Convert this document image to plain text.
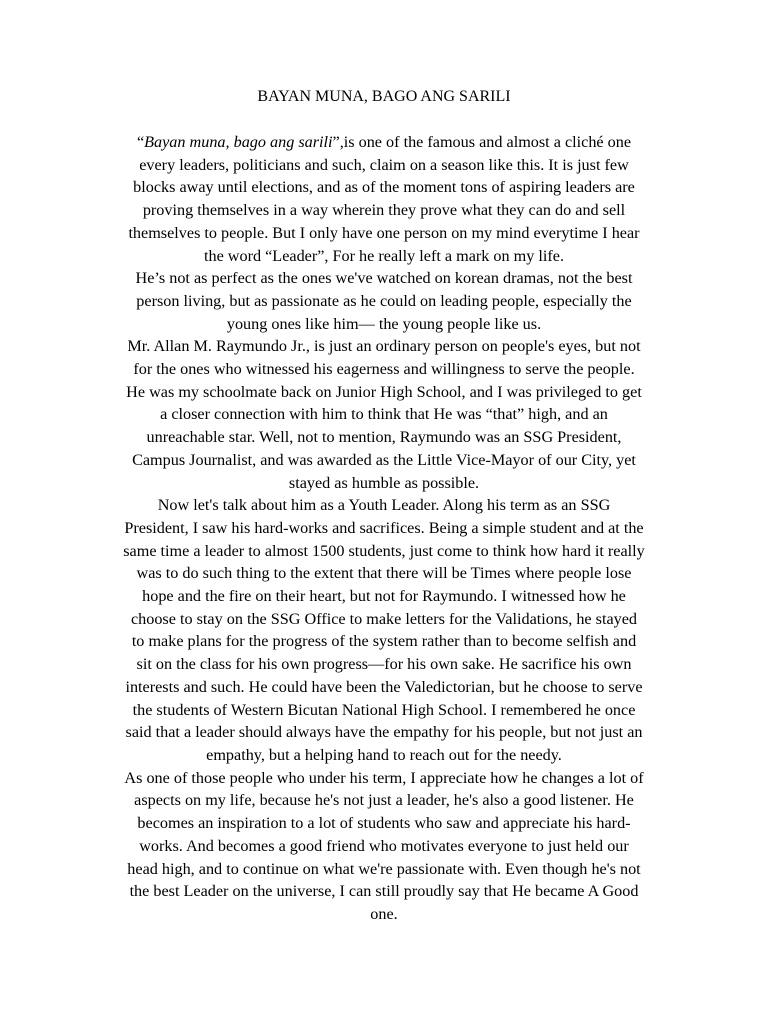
BAYAN MUNA, BAGO ANG SARILI

“Bayan muna, bago ang sarili”,is one of the famous and almost a cliché one
every leaders, politicians and such, claim on a season like this. It is just few
blocks away until elections, and as of the moment tons of aspiring leaders are
proving themselves in a way wherein they prove what they can do and sell
themselves to people. But I only have one person on my mind everytime I hear
the word “Leader”, For he really left a mark on my life.

He’s not as perfect as the ones we've watched on korean dramas, not the best
person living, but as passionate as he could on leading people, especially the
young ones like him— the young people like us.

Mr. Allan M. Raymundo Jr., is just an ordinary person on people's eyes, but not
for the ones who witnessed his eagerness and willingness to serve the people.
He was my schoolmate back on Junior High School, and I was privileged to get
a closer connection with him to think that He was “that” high, and an
unreachable star. Well, not to mention, Raymundo was an SSG President,
Campus Journalist, and was awarded as the Little Vice-Mayor of our City, yet
stayed as humble as possible.

Now let's talk about him as a Youth Leader. Along his term as an SSG
President, I saw his hard-works and sacrifices. Being a simple student and at the
same time a leader to almost 1500 students, just come to think how hard it really
was to do such thing to the extent that there will be Times where people lose
hope and the fire on their heart, but not for Raymundo. I witnessed how he
choose to stay on the SSG Office to make letters for the Validations, he stayed
to make plans for the progress of the system rather than to become selfish and
sit on the class for his own progress—for his own sake. He sacrifice his own
interests and such. He could have been the Valedictorian, but he choose to serve
the students of Western Bicutan National High School. I remembered he once
said that a leader should always have the empathy for his people, but not just an
empathy, but a helping hand to reach out for the needy.

As one of those people who under his term, I appreciate how he changes a lot of
aspects on my life, because he's not just a leader, he's also a good listener. He
becomes an inspiration to a lot of students who saw and appreciate his hard-
works. And becomes a good friend who motivates everyone to just held our
head high, and to continue on what we're passionate with. Even though he's not
the best Leader on the universe, I can still proudly say that He became A Good
one.
